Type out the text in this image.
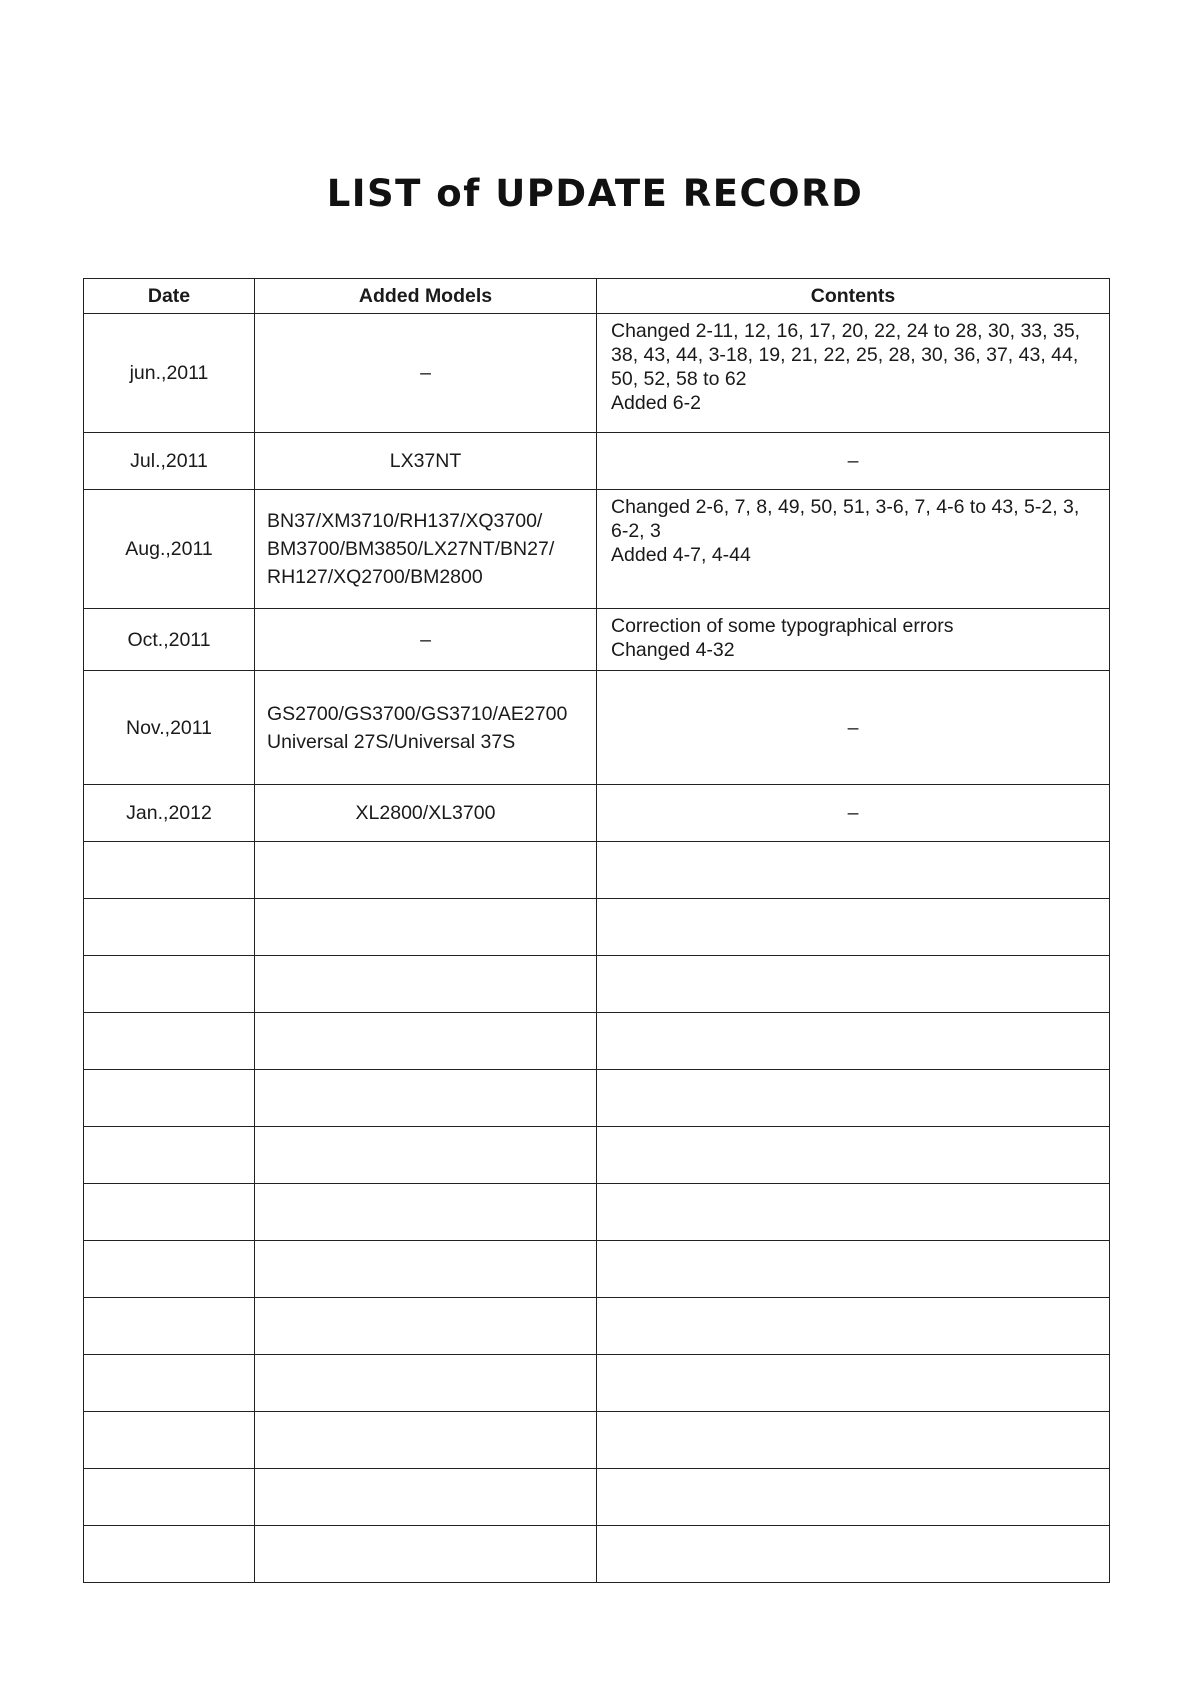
LIST of UPDATE RECORD
Date	Added Models	Contents
jun.,2011	–	Changed 2-11, 12, 16, 17, 20, 22, 24 to 28, 30, 33, 35,
38, 43, 44, 3-18, 19, 21, 22, 25, 28, 30, 36, 37, 43, 44,
50, 52, 58 to 62
Added 6-2

Jul.,2011	LX37NT	–

Aug.,2011	BN37/XM3710/RH137/XQ3700/
BM3700/BM3850/LX27NT/BN27/
RH127/XQ2700/BM2800	Changed 2-6, 7, 8, 49, 50, 51, 3-6, 7, 4-6 to 43, 5-2, 3,
6-2, 3
Added 4-7, 4-44

Oct.,2011	–	Correction of some typographical errors
Changed 4-32

Nov.,2011	GS2700/GS3700/GS3710/AE2700
Universal 27S/Universal 37S	–

Jan.,2012	XL2800/XL3700	–
